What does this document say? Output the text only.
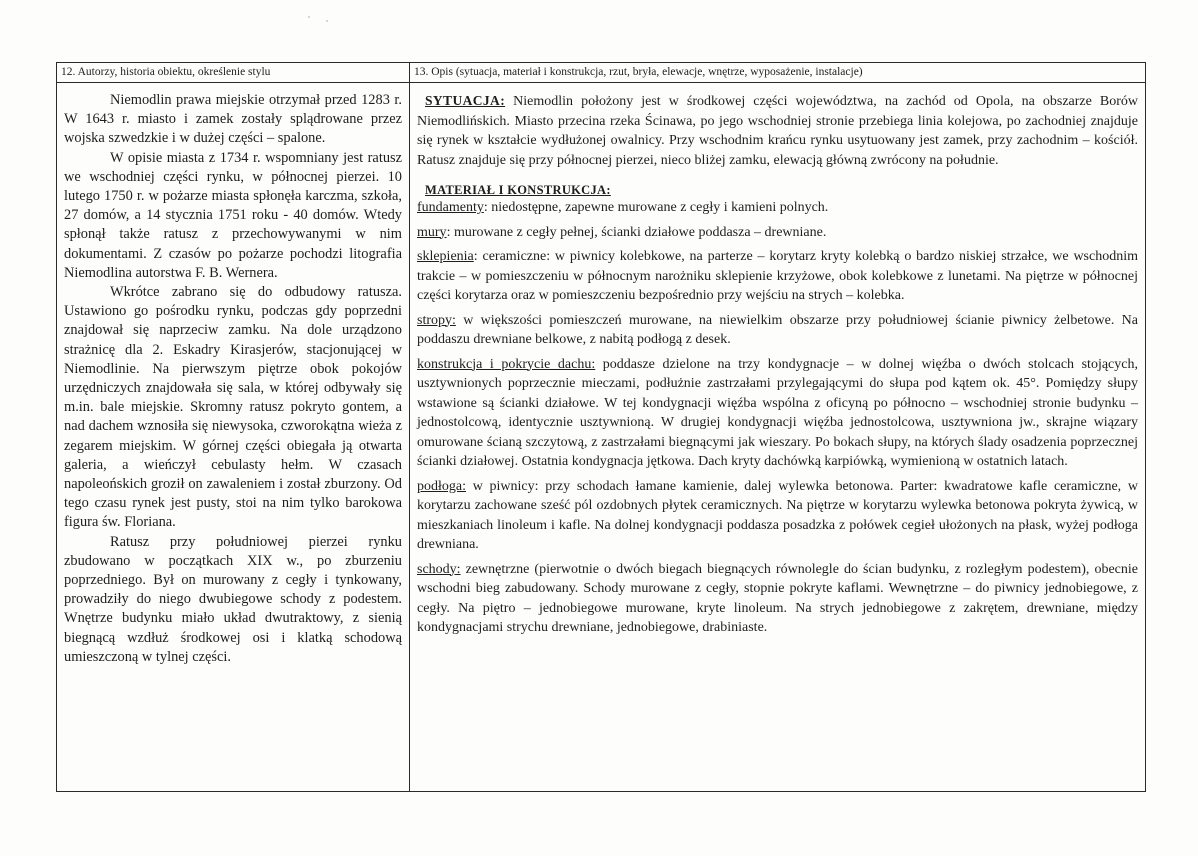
12. Autorzy, historia obiektu, określenie stylu

Niemodlin prawa miejskie otrzymał przed 1283 r. W 1643 r. miasto i zamek zostały splądrowane przez wojska szwedzkie i w dużej części – spalone.

W opisie miasta z 1734 r. wspomniany jest ratusz we wschodniej części rynku, w północnej pierzei. 10 lutego 1750 r. w pożarze miasta spłonęła karczma, szkoła, 27 domów, a 14 stycznia 1751 roku - 40 domów. Wtedy spłonął także ratusz z przechowywanymi w nim dokumentami. Z czasów po pożarze pochodzi litografia Niemodlina autorstwa F. B. Wernera.

Wkrótce zabrano się do odbudowy ratusza. Ustawiono go pośrodku rynku, podczas gdy poprzedni znajdował się naprzeciw zamku. Na dole urządzono strażnicę dla 2. Eskadry Kirasjerów, stacjonującej w Niemodlinie. Na pierwszym piętrze obok pokojów urzędniczych znajdowała się sala, w której odbywały się m.in. bale miejskie. Skromny ratusz pokryto gontem, a nad dachem wznosiła się niewysoka, czworokątna wieża z zegarem miejskim. W górnej części obiegała ją otwarta galeria, a wieńczył cebulasty hełm. W czasach napoleońskich groził on zawaleniem i został zburzony. Od tego czasu rynek jest pusty, stoi na nim tylko barokowa figura św. Floriana.

Ratusz przy południowej pierzei rynku zbudowano w początkach XIX w., po zburzeniu poprzedniego. Był on murowany z cegły i tynkowany, prowadziły do niego dwubiegowe schody z podestem. Wnętrze budynku miało układ dwutraktowy, z sienią biegnącą wzdłuż środkowej osi i klatką schodową umieszczoną w tylnej części.

13. Opis (sytuacja, materiał i konstrukcja, rzut, bryła, elewacje, wnętrze, wyposażenie, instalacje)

SYTUACJA: Niemodlin położony jest w środkowej części województwa, na zachód od Opola, na obszarze Borów Niemodlińskich. Miasto przecina rzeka Ścinawa, po jego wschodniej stronie przebiega linia kolejowa, po zachodniej znajduje się rynek w kształcie wydłużonej owalnicy. Przy wschodnim krańcu rynku usytuowany jest zamek, przy zachodnim – kościół. Ratusz znajduje się przy północnej pierzei, nieco bliżej zamku, elewacją główną zwrócony na południe.

MATERIAŁ I KONSTRUKCJA:

fundamenty: niedostępne, zapewne murowane z cegły i kamieni polnych.

mury: murowane z cegły pełnej, ścianki działowe poddasza – drewniane.

sklepienia: ceramiczne: w piwnicy kolebkowe, na parterze – korytarz kryty kolebką o bardzo niskiej strzałce, we wschodnim trakcie – w pomieszczeniu w północnym narożniku sklepienie krzyżowe, obok kolebkowe z lunetami. Na piętrze w północnej części korytarza oraz w pomieszczeniu bezpośrednio przy wejściu na strych – kolebka.

stropy: w większości pomieszczeń murowane, na niewielkim obszarze przy południowej ścianie piwnicy żelbetowe. Na poddaszu drewniane belkowe, z nabitą podłogą z desek.

konstrukcja i pokrycie dachu: poddasze dzielone na trzy kondygnacje – w dolnej więźba o dwóch stolcach stojących, usztywnionych poprzecznie mieczami, podłużnie zastrzałami przylegającymi do słupa pod kątem ok. 45°. Pomiędzy słupy wstawione są ścianki działowe. W tej kondygnacji więźba wspólna z oficyną po północno – wschodniej stronie budynku – jednostolcową, identycznie usztywnioną. W drugiej kondygnacji więźba jednostolcowa, usztywniona jw., skrajne wiązary omurowane ścianą szczytową, z zastrzałami biegnącymi jak wieszary. Po bokach słupy, na których ślady osadzenia poprzecznej ścianki działowej. Ostatnia kondygnacja jętkowa. Dach kryty dachówką karpiówką, wymienioną w ostatnich latach.

podłoga: w piwnicy: przy schodach łamane kamienie, dalej wylewka betonowa. Parter: kwadratowe kafle ceramiczne, w korytarzu zachowane sześć pól ozdobnych płytek ceramicznych. Na piętrze w korytarzu wylewka betonowa pokryta żywicą, w mieszkaniach linoleum i kafle. Na dolnej kondygnacji poddasza posadzka z połówek cegieł ułożonych na płask, wyżej podłoga drewniana.

schody: zewnętrzne (pierwotnie o dwóch biegach biegnących równolegle do ścian budynku, z rozległym podestem), obecnie wschodni bieg zabudowany. Schody murowane z cegły, stopnie pokryte kaflami. Wewnętrzne – do piwnicy jednobiegowe, z cegły. Na piętro – jednobiegowe murowane, kryte linoleum. Na strych jednobiegowe z zakrętem, drewniane, między kondygnacjami strychu drewniane, jednobiegowe, drabiniaste.
